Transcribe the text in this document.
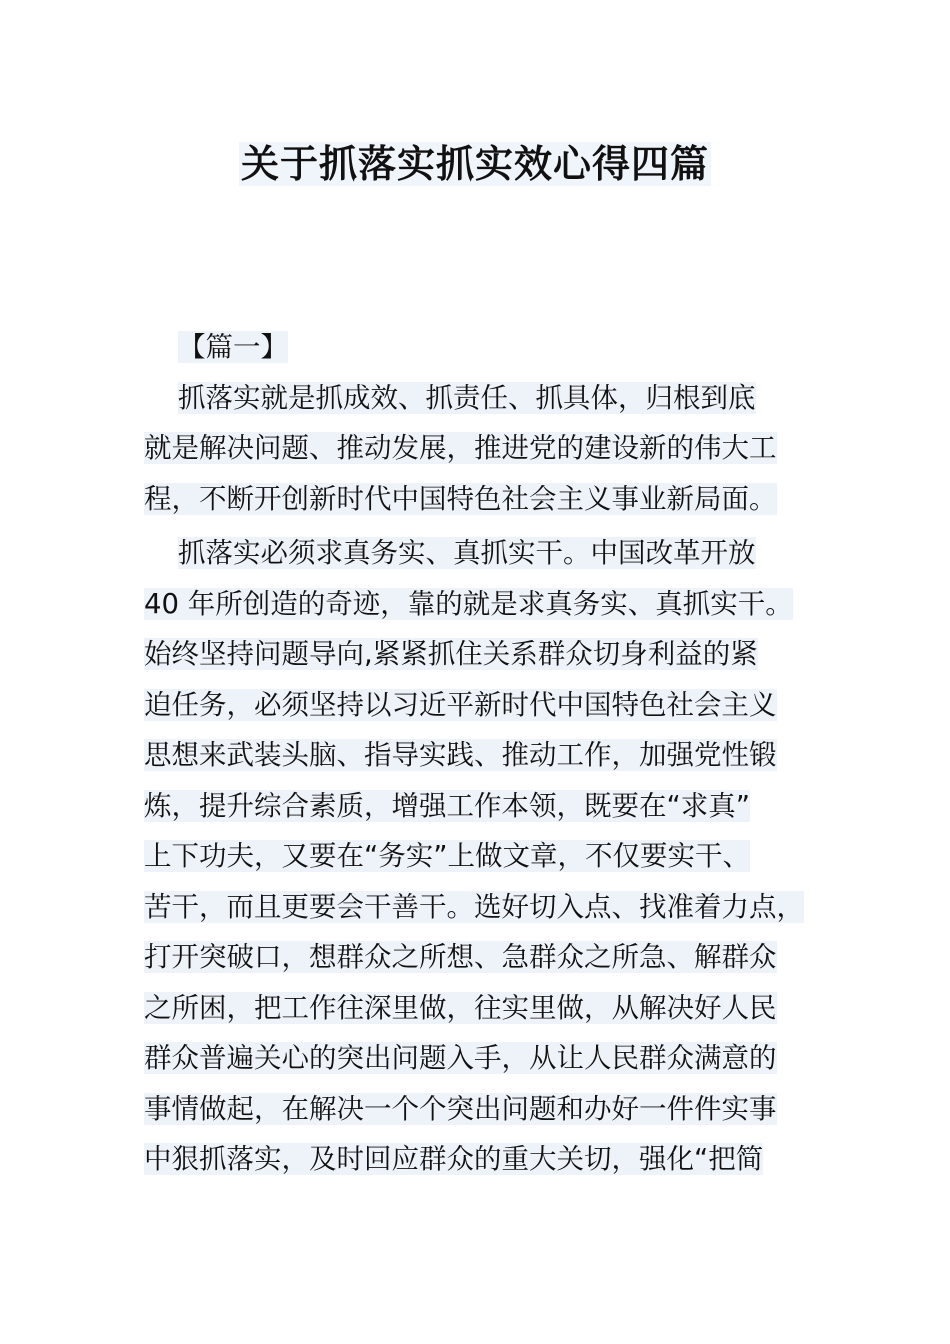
关于抓落实抓实效心得四篇
【篇一】
抓落实就是抓成效、抓责任、抓具体，归根到底
就是解决问题、推动发展，推进党的建设新的伟大工
程，不断开创新时代中国特色社会主义事业新局面。
抓落实必须求真务实、真抓实干。中国改革开放
40 年所创造的奇迹，靠的就是求真务实、真抓实干。
始终坚持问题导向,紧紧抓住关系群众切身利益的紧
迫任务，必须坚持以习近平新时代中国特色社会主义
思想来武装头脑、指导实践、推动工作，加强党性锻
炼，提升综合素质，增强工作本领，既要在“求真”
上下功夫，又要在“务实”上做文章，不仅要实干、
苦干，而且更要会干善干。选好切入点、找准着力点，
打开突破口，想群众之所想、急群众之所急、解群众
之所困，把工作往深里做，往实里做，从解决好人民
群众普遍关心的突出问题入手，从让人民群众满意的
事情做起，在解决一个个突出问题和办好一件件实事
中狠抓落实，及时回应群众的重大关切，强化“把简
